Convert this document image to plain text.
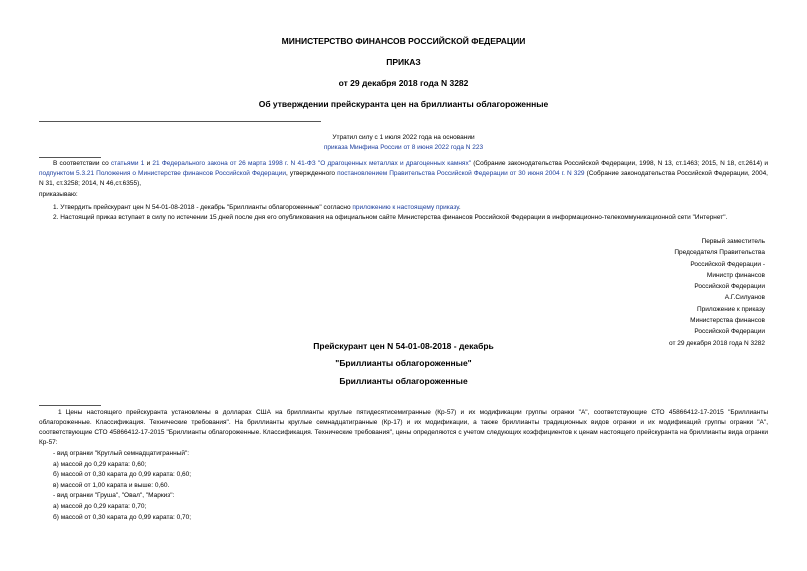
МИНИСТЕРСТВО ФИНАНСОВ РОССИЙСКОЙ ФЕДЕРАЦИИ
ПРИКАЗ
от 29 декабря 2018 года N 3282
Об утверждении прейскуранта цен на бриллианты облагороженные
Утратил силу с 1 июля 2022 года на основании
приказа Минфина России от 8 июня 2022 года N 223
В соответствии со статьями 1 и 21 Федерального закона от 26 марта 1998 г. N 41-ФЗ "О драгоценных металлах и драгоценных камнях" (Собрание законодательства Российской Федерации, 1998, N 13, ст.1463; 2015, N 18, ст.2614) и подпунктом 5.3.21 Положения о Министерстве финансов Российской Федерации, утвержденного постановлением Правительства Российской Федерации от 30 июня 2004 г. N 329 (Собрание законодательства Российской Федерации, 2004, N 31, ст.3258; 2014, N 46,ст.6355),
приказываю:
1. Утвердить прейскурант цен N 54-01-08-2018 - декабрь "Бриллианты облагороженные" согласно приложению к настоящему приказу.
2. Настоящий приказ вступает в силу по истечении 15 дней после дня его опубликования на официальном сайте Министерства финансов Российской Федерации в информационно-телекоммуникационной сети "Интернет".
Первый заместитель
Председателя Правительства
Российской Федерации -
Министр финансов
Российской Федерации
А.Г.Силуанов
Приложение к приказу
Министерства финансов
Российской Федерации
от 29 декабря 2018 года N 3282
Прейскурант цен N 54-01-08-2018 - декабрь
"Бриллианты облагороженные"
Бриллианты облагороженные
1 Цены настоящего прейскуранта установлены в долларах США на бриллианты круглые пятидесятисемигранные (Кр-57) и их модификации группы огранки "А", соответствующие СТО 45866412-17-2015 "Бриллианты облагороженные. Классификация. Технические требования". На бриллианты круглые семнадцатигранные (Кр-17) и их модификации, а также бриллианты традиционных видов огранки и их модификаций группы огранки "А", соответствующие СТО 45866412-17-2015 "Бриллианты облагороженные. Классификация. Технические требования", цены определяются с учетом следующих коэффициентов к ценам настоящего прейскуранта на бриллианты вида огранки Кр-57:
- вид огранки "Круглый семнадцатигранный":
а) массой до 0,29 карата: 0,60;
б) массой от 0,30 карата до 0,99 карата: 0,60;
в) массой от 1,00 карата и выше: 0,60.
- вид огранки "Груша", "Овал", "Маркиз":
а) массой до 0,29 карата: 0,70;
б) массой от 0,30 карата до 0,99 карата: 0,70;
